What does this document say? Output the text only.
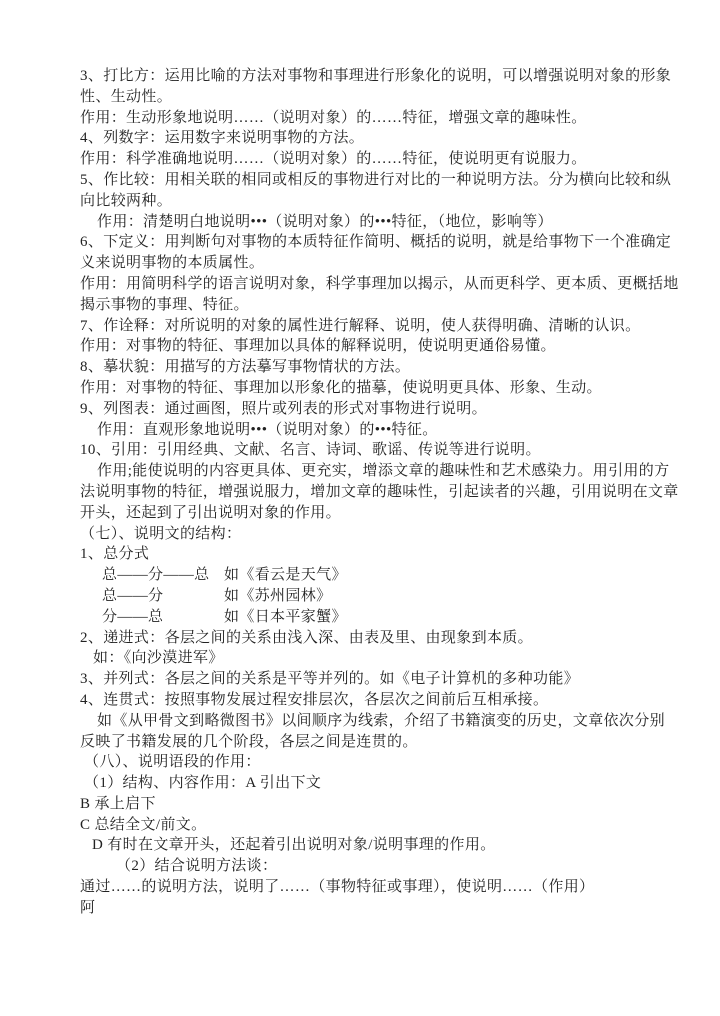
3、打比方：运用比喻的方法对事物和事理进行形象化的说明，可以增强说明对象的形象
性、生动性。
作用：生动形象地说明……（说明对象）的……特征，增强文章的趣味性。
4、列数字：运用数字来说明事物的方法。
作用：科学准确地说明……（说明对象）的……特征，使说明更有说服力。
5、作比较：用相关联的相同或相反的事物进行对比的一种说明方法。分为横向比较和纵
向比较两种。
作用：清楚明白地说明•••（说明对象）的•••特征，（地位，影响等）
6、下定义：用判断句对事物的本质特征作简明、概括的说明，就是给事物下一个准确定
义来说明事物的本质属性。
作用：用简明科学的语言说明对象，科学事理加以揭示，从而更科学、更本质、更概括地
揭示事物的事理、特征。
7、作诠释：对所说明的对象的属性进行解释、说明，使人获得明确、清晰的认识。
作用：对事物的特征、事理加以具体的解释说明，使说明更通俗易懂。
8、摹状貌：用描写的方法摹写事物情状的方法。
作用：对事物的特征、事理加以形象化的描摹，使说明更具体、形象、生动。
9、列图表：通过画图，照片或列表的形式对事物进行说明。
作用：直观形象地说明•••（说明对象）的•••特征。
10、引用：引用经典、文献、名言、诗词、歌谣、传说等进行说明。
作用;能使说明的内容更具体、更充实，增添文章的趣味性和艺术感染力。用引用的方
法说明事物的特征，增强说服力，增加文章的趣味性，引起读者的兴趣，引用说明在文章
开头，还起到了引出说明对象的作用。
（七）、说明文的结构：
1、总分式
总——分——总 如《看云是天气》
总——分	如《苏州园林》
分——总	如《日本平家蟹》
2、递进式：各层之间的关系由浅入深、由表及里、由现象到本质。
如：《向沙漠进军》
3、并列式：各层之间的关系是平等并列的。如《电子计算机的多种功能》
4、连贯式：按照事物发展过程安排层次，各层次之间前后互相承接。
如《从甲骨文到略微图书》以间顺序为线索，介绍了书籍演变的历史，文章依次分别
反映了书籍发展的几个阶段，各层之间是连贯的。
（八）、说明语段的作用：
（1）结构、内容作用：A 引出下文
B 承上启下
C 总结全文/前文。
D 有时在文章开头，还起着引出说明对象/说明事理的作用。
（2）结合说明方法谈：
通过……的说明方法，说明了……（事物特征或事理），使说明……（作用）
阿
